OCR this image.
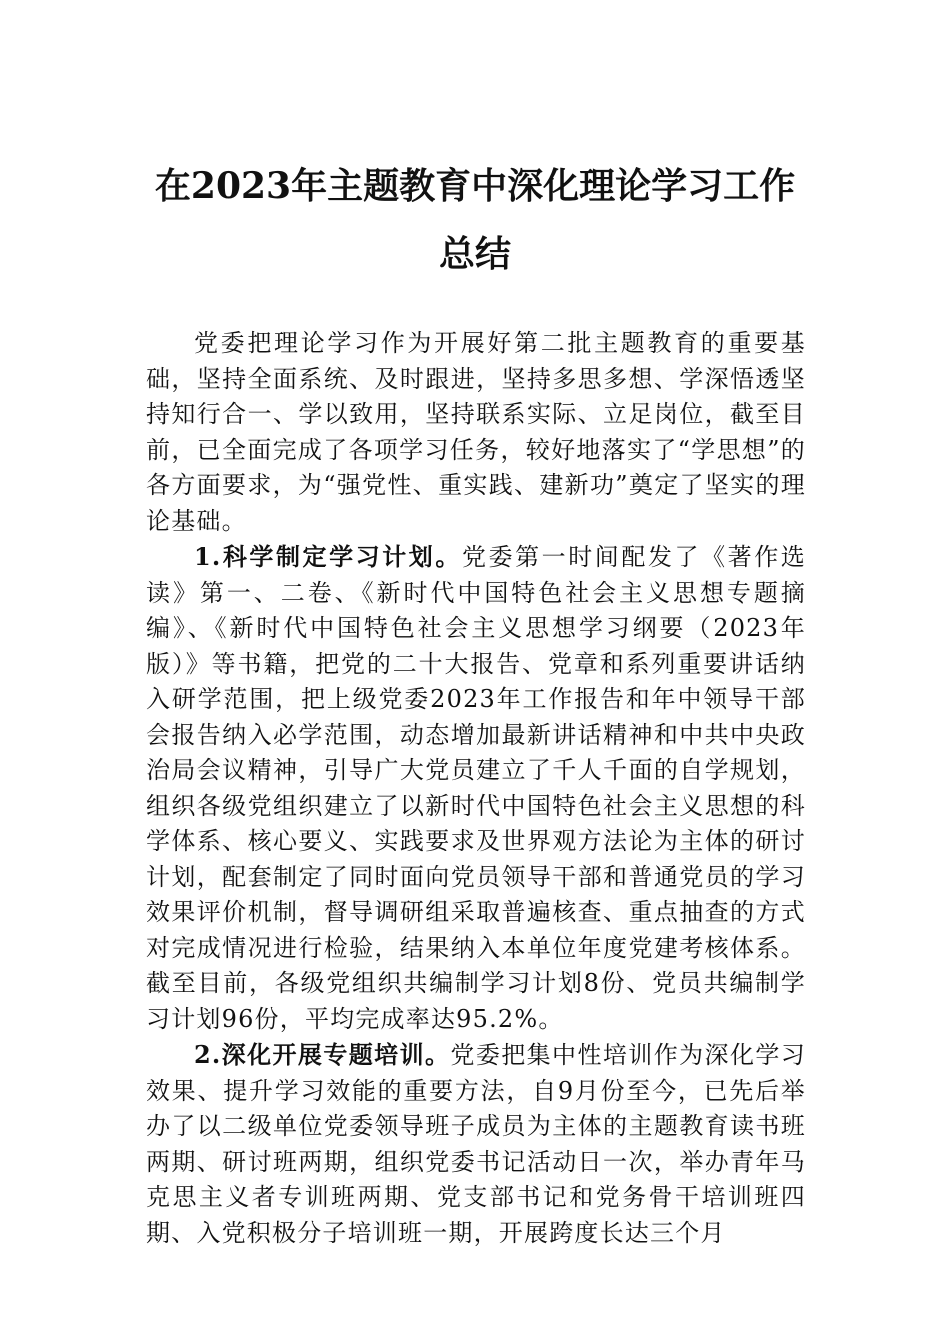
在2023年主题教育中深化理论学习工作总结

党委把理论学习作为开展好第二批主题教育的重要基础，坚持全面系统、及时跟进，坚持多思多想、学深悟透坚持知行合一、学以致用，坚持联系实际、立足岗位，截至目前，已全面完成了各项学习任务，较好地落实了“学思想”的各方面要求，为“强党性、重实践、建新功”奠定了坚实的理论基础。

1.科学制定学习计划。党委第一时间配发了《著作选读》第一、二卷、《新时代中国特色社会主义思想专题摘编》、《新时代中国特色社会主义思想学习纲要（2023年版）》等书籍，把党的二十大报告、党章和系列重要讲话纳入研学范围，把上级党委2023年工作报告和年中领导干部会报告纳入必学范围，动态增加最新讲话精神和中共中央政治局会议精神，引导广大党员建立了千人千面的自学规划，组织各级党组织建立了以新时代中国特色社会主义思想的科学体系、核心要义、实践要求及世界观方法论为主体的研讨计划，配套制定了同时面向党员领导干部和普通党员的学习效果评价机制，督导调研组采取普遍核查、重点抽查的方式对完成情况进行检验，结果纳入本单位年度党建考核体系。截至目前，各级党组织共编制学习计划8份、党员共编制学习计划96份，平均完成率达95.2%。

2.深化开展专题培训。党委把集中性培训作为深化学习效果、提升学习效能的重要方法，自9月份至今，已先后举办了以二级单位党委领导班子成员为主体的主题教育读书班两期、研讨班两期，组织党委书记活动日一次，举办青年马克思主义者专训班两期、党支部书记和党务骨干培训班四期、入党积极分子培训班一期，开展跨度长达三个月
